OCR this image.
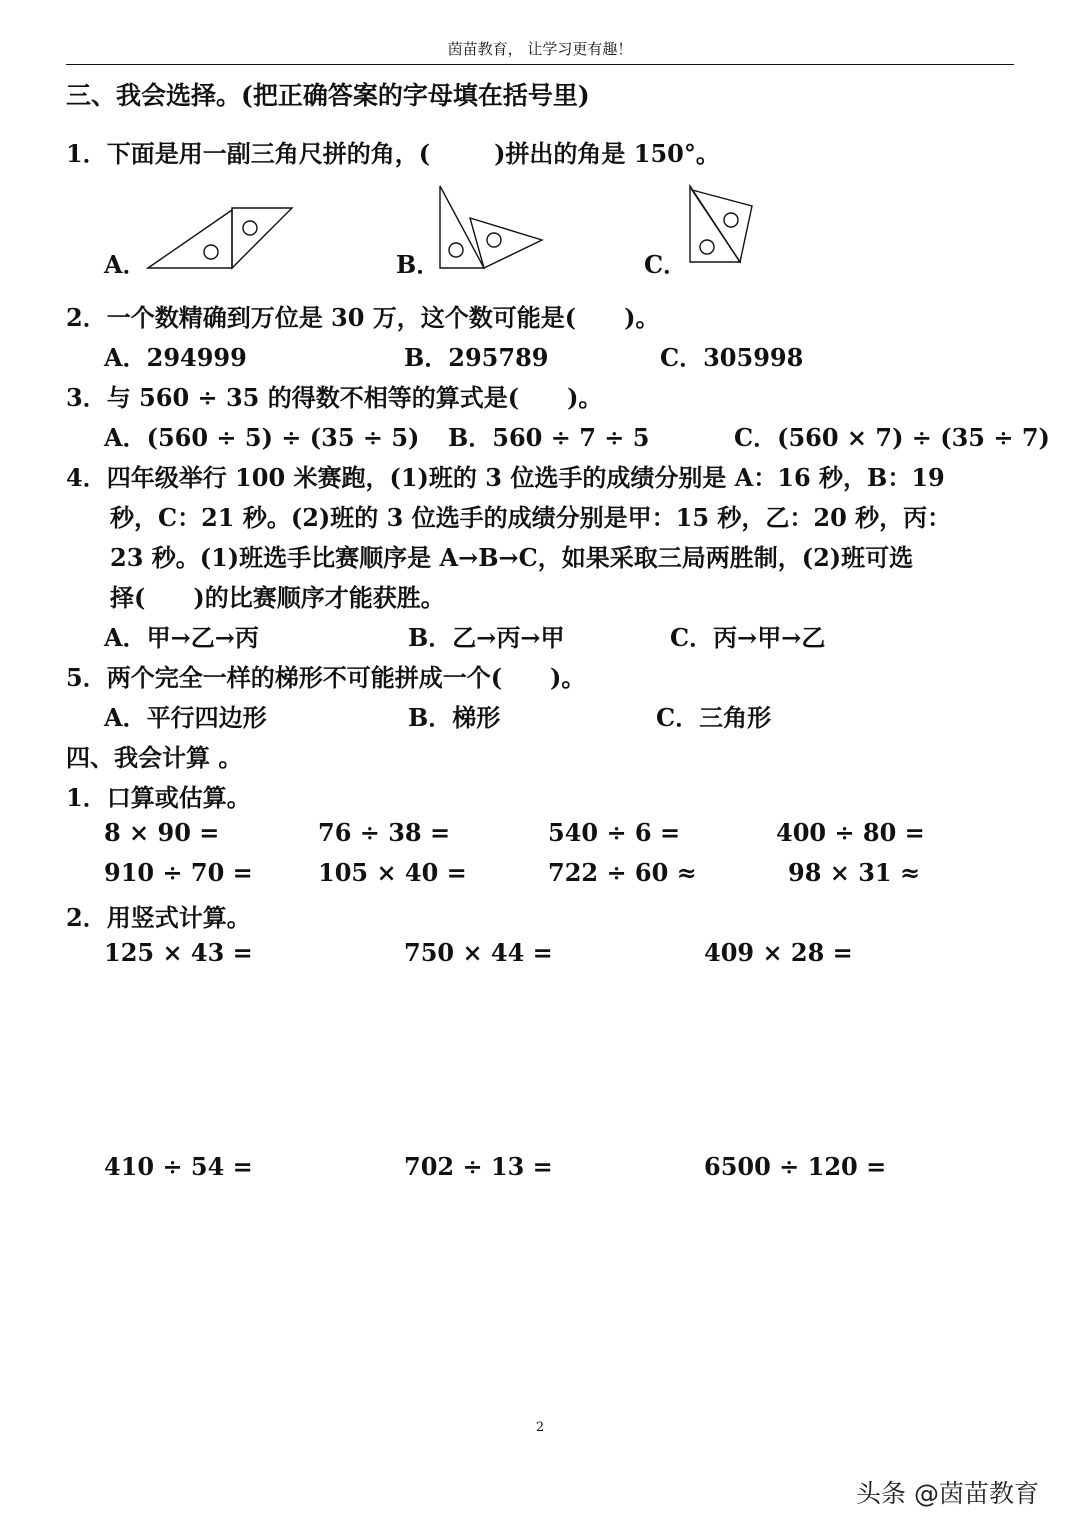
茵苗教育， 让学习更有趣！
三、我会选择。(把正确答案的字母填在括号里)
1．下面是用一副三角尺拼的角，(	)拼出的角是 150°。
A．	B．	C．
2．一个数精确到万位是 30 万，这个数可能是(　　)。
A．294999	B．295789	C．305998
3．与 560 ÷ 35 的得数不相等的算式是(　　)。
A．(560 ÷ 5) ÷ (35 ÷ 5) B．560 ÷ 7 ÷ 5	C．(560 × 7) ÷ (35 ÷ 7)
4．四年级举行 100 米赛跑，(1)班的 3 位选手的成绩分别是 A：16 秒，B：19
秒，C：21 秒。(2)班的 3 位选手的成绩分别是甲：15 秒，乙：20 秒，丙：
23 秒。(1)班选手比赛顺序是 A→B→C，如果采取三局两胜制，(2)班可选
择(　　)的比赛顺序才能获胜。
A．甲→乙→丙	B．乙→丙→甲	C．丙→甲→乙
5．两个完全一样的梯形不可能拼成一个(　　)。
A．平行四边形	B．梯形	C．三角形
四、我会计算 。
1．口算或估算。
8 × 90 =	76 ÷ 38 =	540 ÷ 6 =	400 ÷ 80 =
910 ÷ 70 =	105 × 40 =	722 ÷ 60 ≈	98 × 31 ≈
2．用竖式计算。
125 × 43 =	750 × 44 =	409 × 28 =
410 ÷ 54 =	702 ÷ 13 =	6500 ÷ 120 =
2
头条 @茵苗教育
